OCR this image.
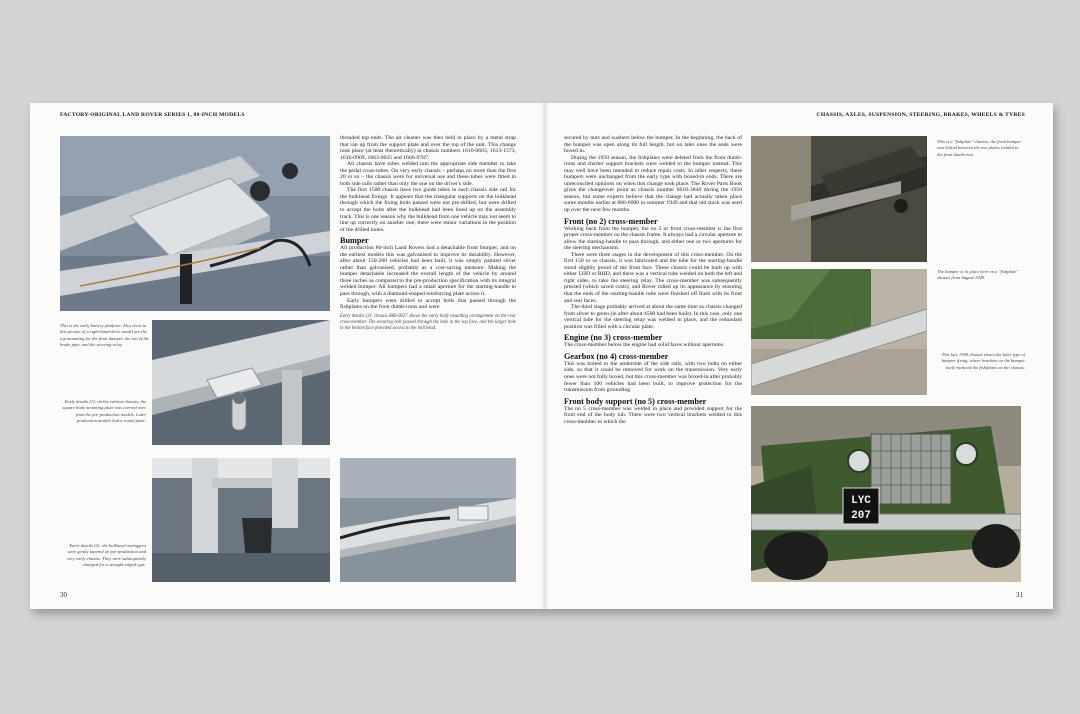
FACTORY-ORIGINAL LAND ROVER SERIES 1, 80-INCH MODELS
This is the early battery platform. Also clear in this picture of a right-hand-drive model are the top mounting for the front damper, the run of the brake pipe, and the steering relay.
Early details (1): on the earliest chassis, the square body mounting plate was carried over from the pre-production models. Later production models had a round plate.
Early details (2): the bulkhead outriggers were gently tapered on pre-production and very early chassis. They were subsequently changed for a straight-edged type.

threaded top ends. The air cleaner was then held in place by a metal strap that ran up from the support plate and over the top of the unit. This change took place (at least theoretically) at chassis numbers 1610-0603, 1613-1573, 1616-0909, 1663-0025 and 1666-0787.

All chassis have tubes welded into the appropriate side member to take the pedal cross-tubes. On very early chassis – perhaps no more than the first 20 or so – the chassis were for universal use and these tubes were fitted in both side rails rather than only the one on the driver's side.

The first 1500 chassis have two guide tubes in each chassis side rail for the bulkhead fixings. It appears that the triangular supports on the bulkhead through which the fixing bolts passed were not pre-drilled, but were drilled to accept the bolts after the bulkhead had been lined up on the assembly track. This is one reason why the bulkhead from one vehicle may not seem to line up correctly on another one; there were minor variations in the position of the drilled holes.

Bumper

All production 80-inch Land Rovers had a detachable front bumper, and on the earliest models this was galvanised to improve its durability. However, after about 150-200 vehicles had been built, it was simply painted silver rather than galvanised, probably as a cost-saving measure. Making the bumper detachable increased the overall length of the vehicle by around three inches as compared to the pre-production specification with its integral welded bumper. All bumpers had a small aperture for the starting-handle to pass through, with a diamond-shaped reinforcing plate across it.

Early bumpers were drilled to accept bolts that passed through the fishplates on the front dumb-irons and were

Early details (3): chassis R86-0027 shows the early body mounting arrangement on the rear cross-member. The securing bolt passed through the hole in the top face, and the larger hole in the bottom face provided access to the bolt head.

30
CHASSIS, AXLES, SUSPENSION, STEERING, BRAKES, WHEELS & TYRES

secured by nuts and washers below the bumper. In the beginning, the back of the bumper was open along its full length, but on later ones the ends were boxed in.

During the 1950 season, the fishplates were deleted from the front dumb-irons and shorter support brackets were welded to the bumper instead. This may well have been intended to reduce repair costs. In other respects, these bumpers were unchanged from the early type with boxed-in ends. There are unreconciled opinions on when this change took place. The Rover Parts Book gives the changeover point as chassis number 0610-3840 during the 1950 season, but some experts believe that the change had actually taken place some months earlier at 866-6000 in summer 1949 and that old stock was used up over the next few months.

Front (no 2) cross-member

Working back from the bumper, the no 2 or front cross-member is the first proper cross-member on the chassis frame. It always had a circular aperture to allow the starting-handle to pass through, and either one or two apertures for the steering mechanism.

There were three stages in the development of this cross-member. On the first 150 or so chassis, it was fabricated and the tube for the starting-handle stood slightly proud of the front face. These chassis could be built up with either LHD or RHD, and there was a vertical tube welded on both the left and right sides, to take the steering relay. The cross-member was subsequently pressed (which saved costs), and Rover tidied up its appearance by ensuring that the ends of the starting-handle tube were finished off flush with its front and rear faces.

The third stage probably arrived at about the same time as chassis changed from silver to green (ie after about 4500 had been built). In this case, only one vertical tube for the steering relay was welded in place, and the redundant position was filled with a circular plate.

Engine (no 3) cross-member

The cross-member below the engine had solid faces without apertures.

Gearbox (no 4) cross-member

This was bolted to the underside of the side rails, with two bolts on either side, so that it could be removed for work on the transmission. Very early ones were not fully boxed, but this cross-member was boxed-in after probably fewer than 100 vehicles had been built, to improve protection for the transmission from grounding.

Front body support (no 5) cross-member

The no 5 cross-member was welded in place and provided support for the front end of the body tub. There were two vertical brackets welded to this cross-member to which the

This is a "fishplate" chassis; the front bumper was bolted between the two plates welded to the front dumb-iron.
The bumper is in place here on a "fishplate" chassis from August 1949.
This late 1949 chassis shows the later type of bumper fixing, where brackets on the bumper itself replaced the fishplates on the chassis.
LYC
207
31
